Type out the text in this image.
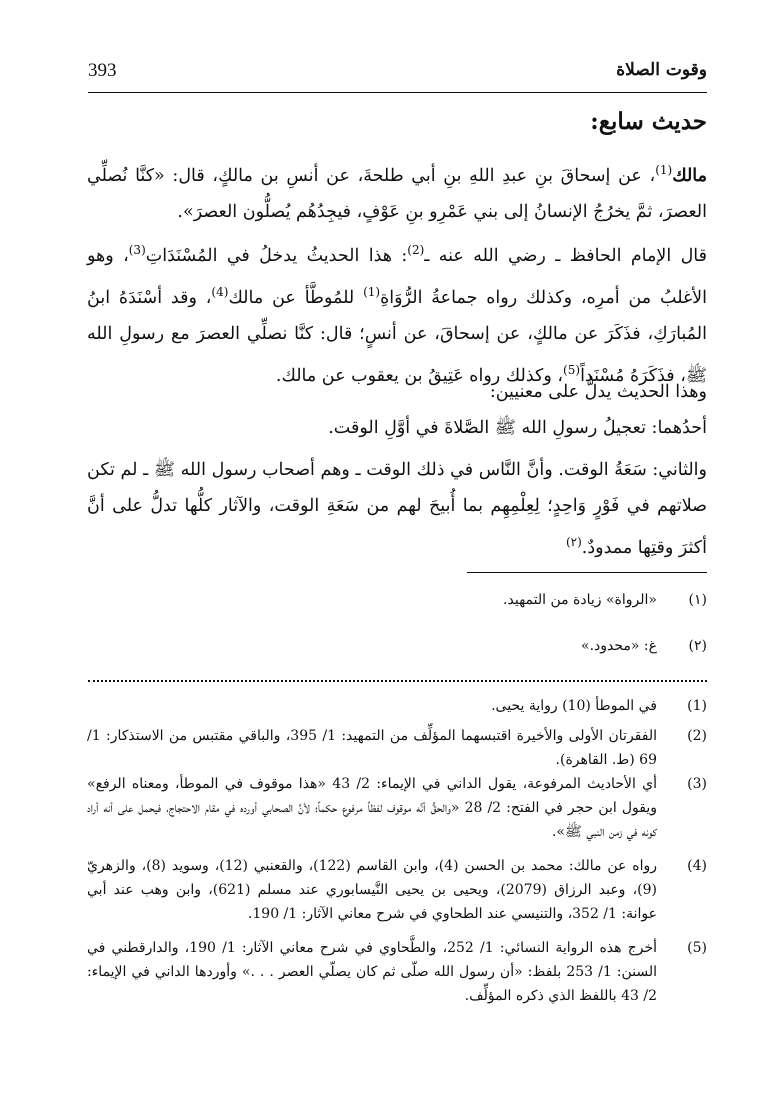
393	وقوت الصلاة
حديث سابع:

مالك$^{(1)}$، عن إسحاقَ بنِ عبدِ اللهِ بنِ أبي طلحةَ، عن أنسِ بن مالكٍ، قال: «كنَّا نُصلِّي العصرَ، ثمَّ يخرُجُ الإنسانُ إلى بني عَمْرِو بنِ عَوْفٍ، فيجِدُهُم يُصلُّون العصرَ».

قال الإمام الحافظ ـ رضي الله عنه ـ$^{(2)}$: هذا الحديثُ يدخلُ في المُسْنَدَاتِ$^{(3)}$، وهو الأغلبُ من أمرِه، وكذلك رواه جماعةُ الرُّوَاةِ$^{(1)}$ للمُوطَّأ عن مالك$^{(4)}$، وقد أسْنَدَهُ ابنُ المُبارَكِ، فذَكَرَ عن مالكٍ، عن إسحاقَ، عن أنسٍ؛ قال: كنَّا نصلِّي العصرَ مع رسولِ الله ﷺ، فذَكَرَهُ مُسْنَداً$^{(5)}$، وكذلك رواه عَتِيقُ بن يعقوب عن مالك.

وهذا الحديث يدلُّ على معنيين:

أحدُهما: تعجيلُ رسولِ الله ﷺ الصَّلاةَ في أوَّلِ الوقت.

والثاني: سَعَةُ الوقت. وأنَّ النَّاس في ذلك الوقت ـ وهم أصحاب رسول الله ﷺ ـ لم تكن صلاتهم في فَوْرٍ وَاحِدٍ؛ لِعِلْمِهِم بما أُبيحَ لهم من سَعَةِ الوقت، والآثار كلُّها تدلُّ على أنَّ أكثرَ وقتِها ممدودٌ.$^{(٢)}$

(١)
«الرواة» زيادة من التمهيد.
(٢)
غ: «محدود.»
(1)
في الموطأ (10) رواية يحيى.
(2)
الفقرتان الأولى والأخيرة اقتبسهما المؤلِّف من التمهيد: 1/ 395، والباقي مقتبس من الاستذكار: 1/ 69 (ط. القاهرة).
(3)
أي الأحاديث المرفوعة، يقول الداني في الإيماء: 2/ 43 «هذا موقوف في الموطأ، ومعناه الرفع» ويقول ابن حجر في الفتح: 2/ 28 «والحقُّ أنَّه موقوف لفظاً مرفوع حكماً؛ لأنَّ الصحابي أورده في مقام الاحتجاج، فيحمل على أنه أراد كونه في زمن النبي ﷺ».
(4)
رواه عن مالك: محمد بن الحسن (4)، وابن القاسم (122)، والقعنبي (12)، وسويد (8)، والزهريّ (9)، وعبد الرزاق (2079)، ويحيى بن يحيى النَّيسابوري عند مسلم (621)، وابن وهب عند أبي عوانة: 1/ 352، والتنيسي عند الطحاوي في شرح معاني الآثار: 1/ 190.
(5)
أخرج هذه الرواية النسائي: 1/ 252، والطَّحاوي في شرح معاني الآثار: 1/ 190، والدارقطني في السنن: 1/ 253 بلفظ: «أن رسول الله صلّى ثم كان يصلّي العصر . . .» وأوردها الداني في الإيماء: 2/ 43 باللفظ الذي ذكره المؤلِّف.
